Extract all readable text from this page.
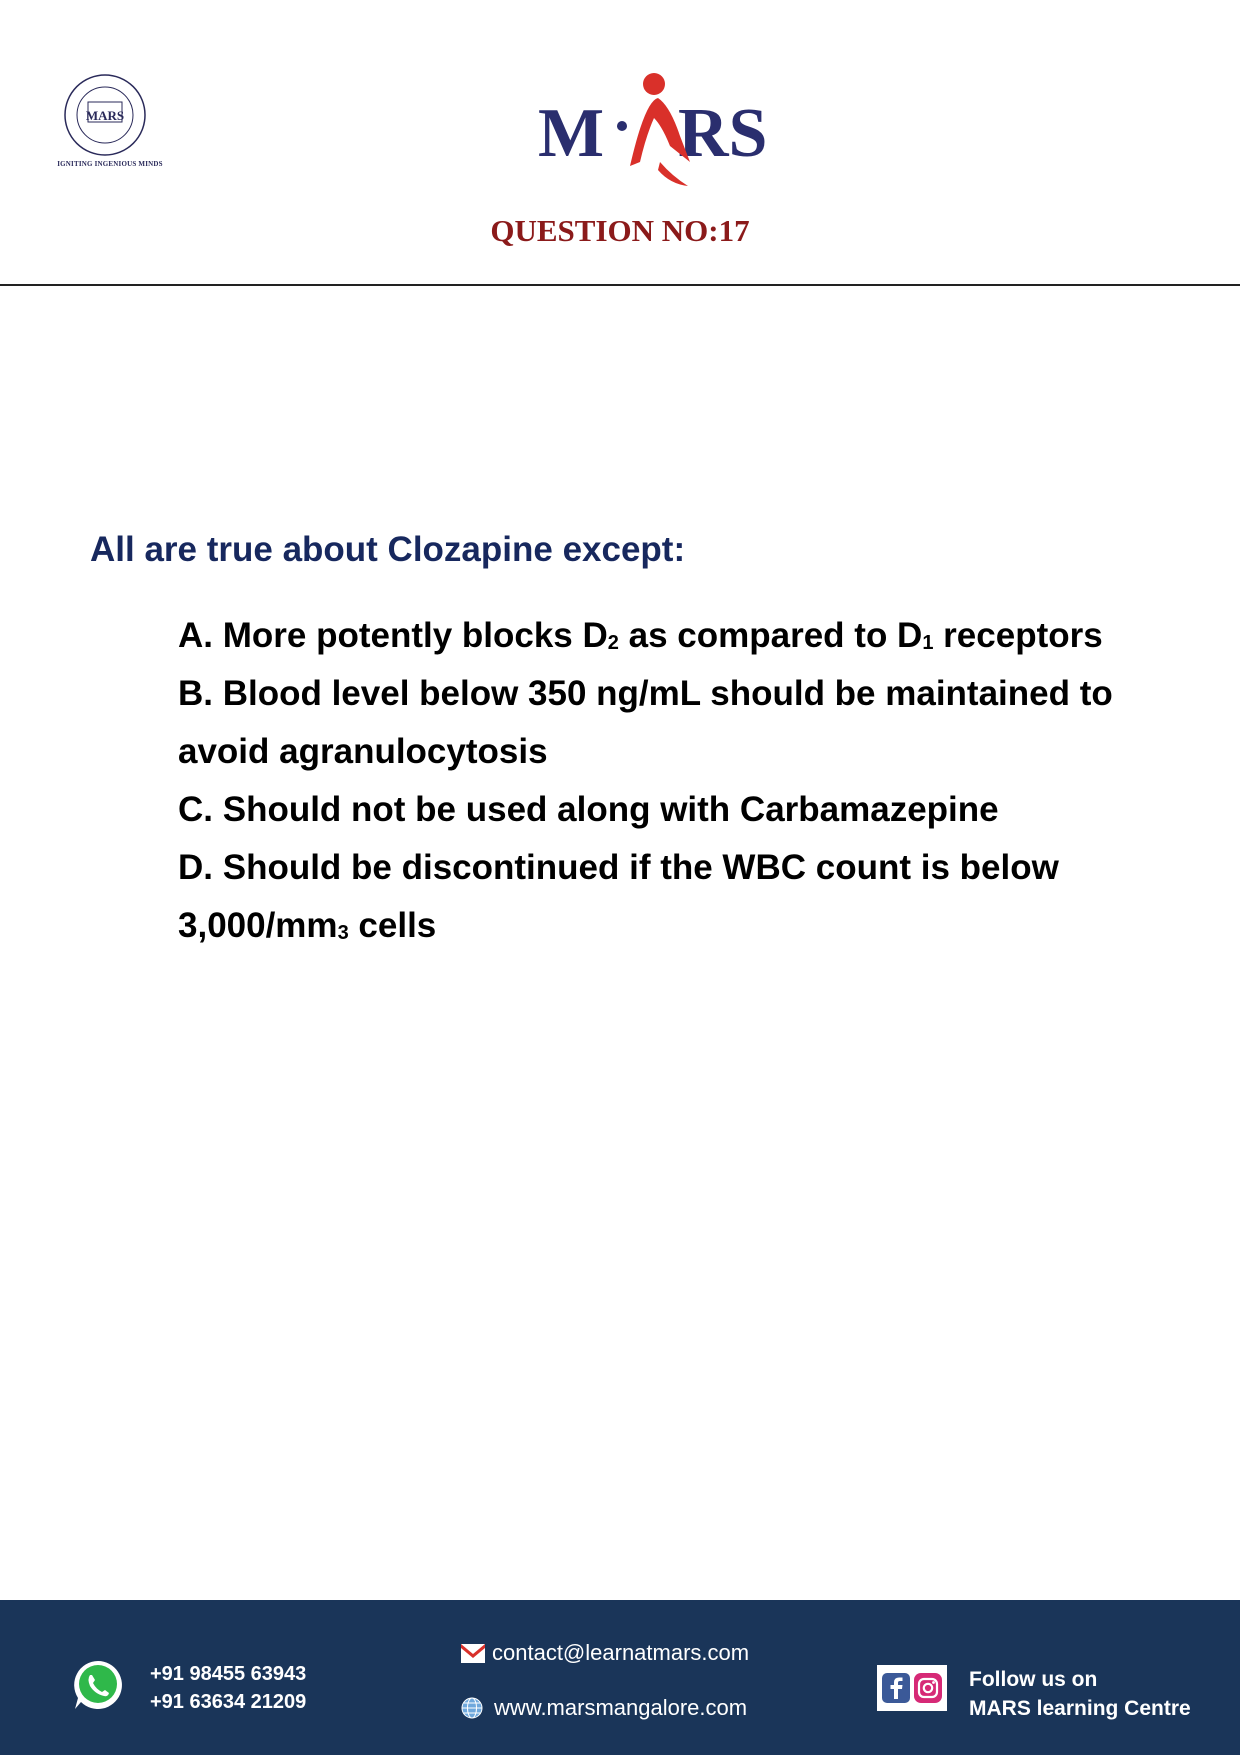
MARS
IGNITING INGENIOUS MINDS	M RS
QUESTION NO:17
All are true about Clozapine except:
A. More potently blocks $D_2$ as compared to $D_1$ receptors
B. Blood level below 350 ng/mL should be maintained to avoid agranulocytosis
C. Should not be used along with Carbamazepine
D. Should be discontinued if the WBC count is below $3,000/mm_3$ cells
+91 98455 63943
+91 63634 21209
contact@learnatmars.com
www.marsmangalore.com
Follow us on
MARS learning Centre
